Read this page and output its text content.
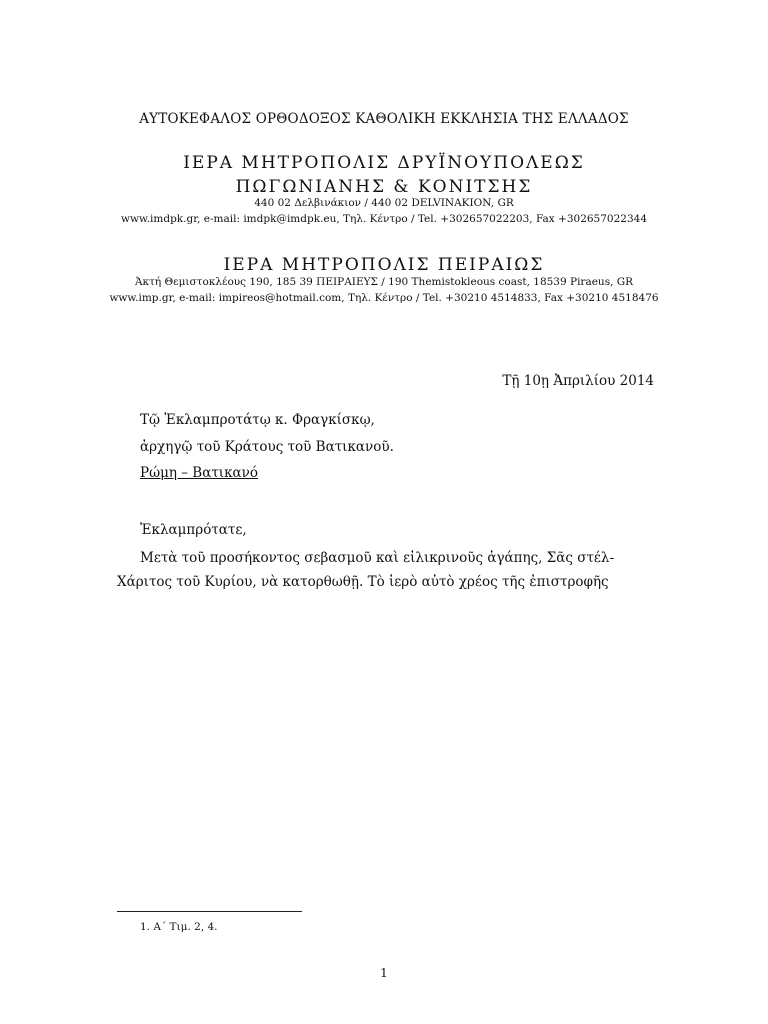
ΑΥΤΟΚΕΦΑΛΟΣ ΟΡΘΟΔΟΞΟΣ ΚΑΘΟΛΙΚΗ ΕΚΚΛΗΣΙΑ ΤΗΣ ΕΛΛΑΔΟΣ
ΙΕΡΑ ΜΗΤΡΟΠΟΛΙΣ ΔΡΥΪΝΟΥΠΟΛΕΩΣ
ΠΩΓΩΝΙΑΝΗΣ & ΚΟΝΙΤΣΗΣ
440 02 Δελβινάκιον / 440 02 DELVINAKION, GR
www.imdpk.gr, e-mail: imdpk@imdpk.eu, Τηλ. Κέντρο / Tel. +302657022203, Fax +302657022344
ΙΕΡΑ ΜΗΤΡΟΠΟΛΙΣ ΠΕΙΡΑΙΩΣ
Ἀκτή Θεμιστοκλέους 190, 185 39 ΠΕΙΡΑΙΕΥΣ / 190 Themistokleous coast, 18539 Piraeus, GR
www.imp.gr, e-mail: impireos@hotmail.com, Τηλ. Κέντρο / Tel. +30210 4514833, Fax +30210 4518476
Τῇ 10ῃ Ἀπριλίου 2014
Τῷ Ἐκλαμπροτάτῳ κ. Φραγκίσκῳ,
ἀρχηγῷ τοῦ Κράτους τοῦ Βατικανοῦ.
Ρώμη – Βατικανό
Ἐκλαμπρότατε,
Μετὰ τοῦ προσήκοντος σεβασμοῦ καὶ εἰλικρινοῦς ἀγάπης, Σᾶς στέλ-
Χάριτος τοῦ Κυρίου, νὰ κατορθωθῇ. Τὸ ἱερὸ αὐτὸ χρέος τῆς ἐπιστροφῆς
1. Α΄ Τιμ. 2, 4.
1
